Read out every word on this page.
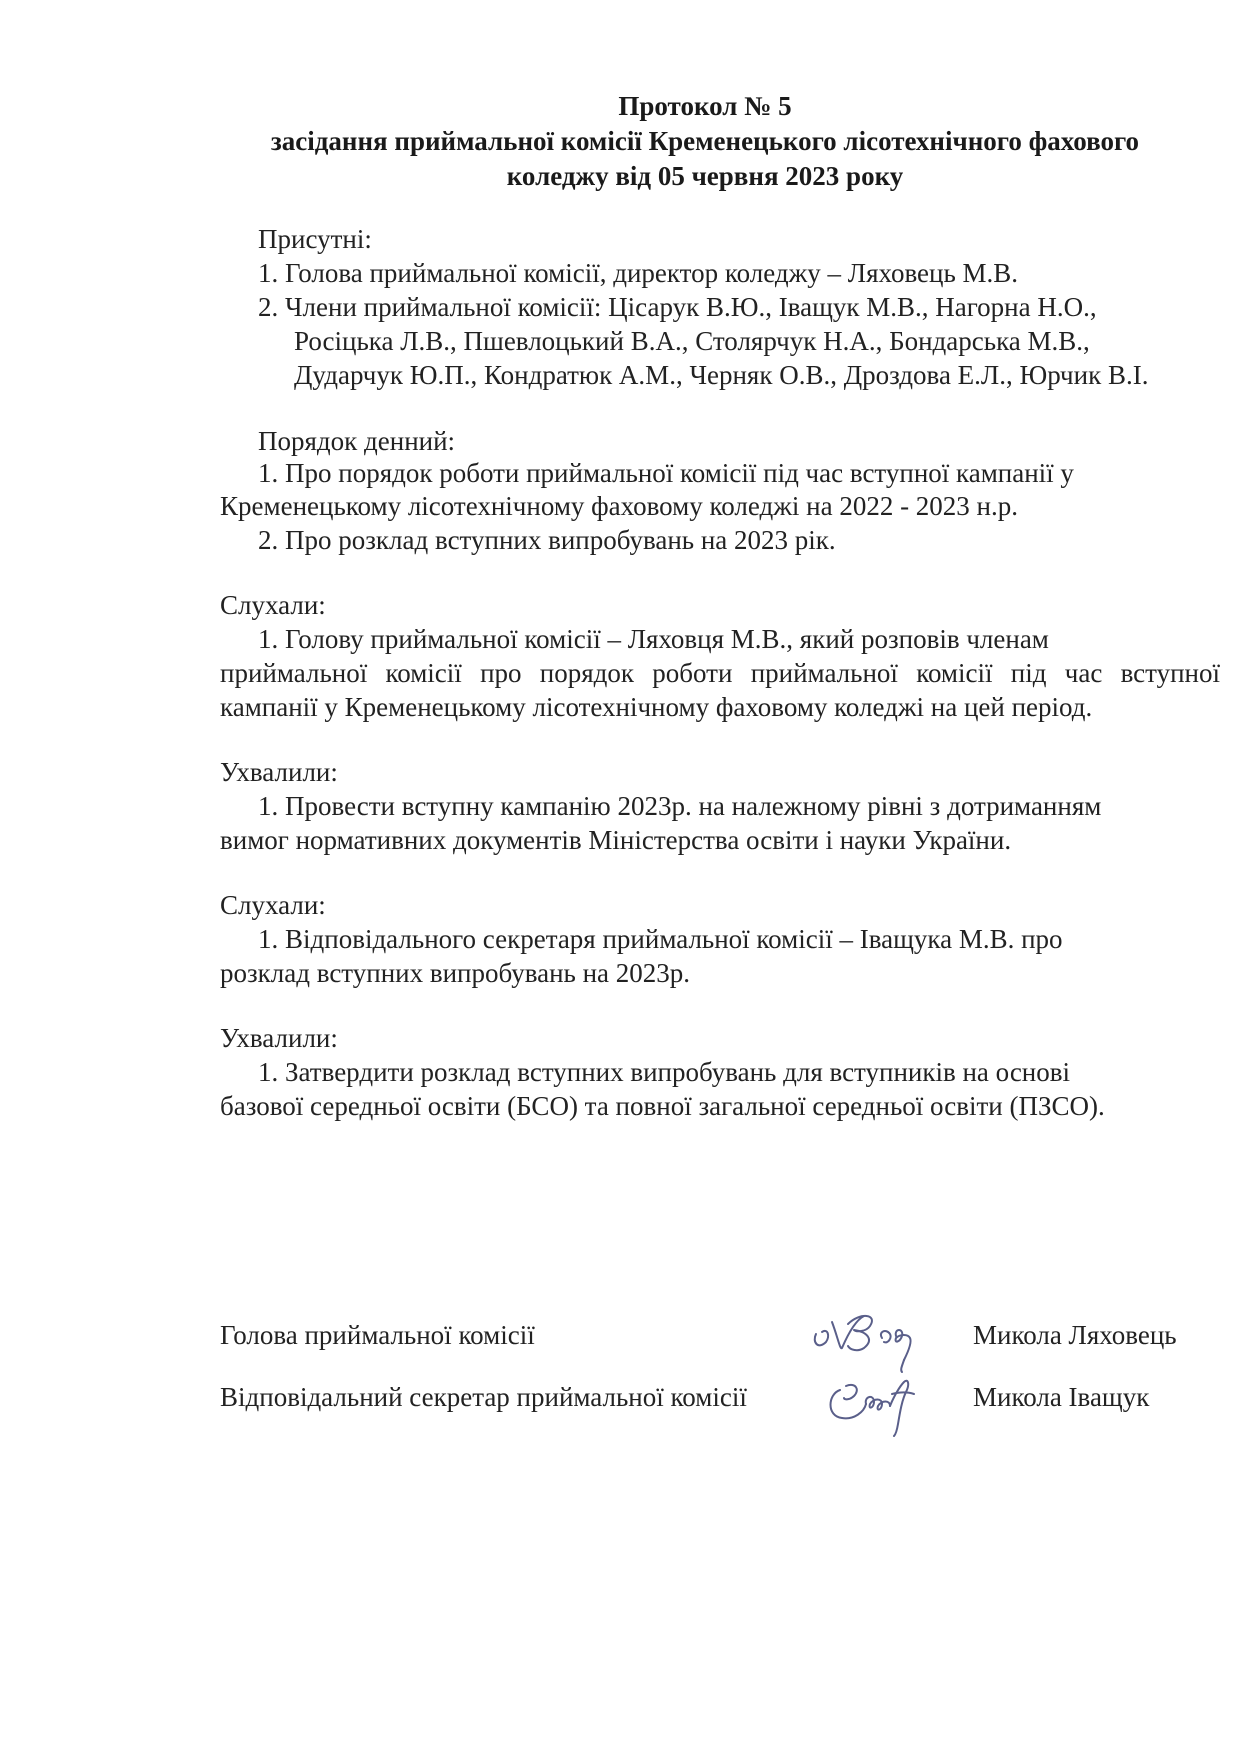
Протокол № 5
засідання приймальної комісії Кременецького лісотехнічного фахового
коледжу від 05 червня 2023 року
Присутні:
1. Голова приймальної комісії, директор коледжу – Ляховець М.В.
2. Члени приймальної комісії: Цісарук В.Ю., Іващук М.В., Нагорна Н.О.,
Росіцька Л.В., Пшевлоцький В.А., Столярчук Н.А., Бондарська М.В.,
Дударчук Ю.П., Кондратюк А.М., Черняк О.В., Дроздова Е.Л., Юрчик В.І.
Порядок денний:
1. Про порядок роботи приймальної комісії під час вступної кампанії у
Кременецькому лісотехнічному фаховому коледжі на 2022 - 2023 н.р.
2. Про розклад вступних випробувань на 2023 рік.
Слухали:
1. Голову приймальної комісії – Ляховця М.В., який розповів членам
приймальної комісії про порядок роботи приймальної комісії під час вступної
кампанії у Кременецькому лісотехнічному фаховому коледжі на цей період.
Ухвалили:
1. Провести вступну кампанію 2023р. на належному рівні з дотриманням
вимог нормативних документів Міністерства освіти і науки України.
Слухали:
1. Відповідального секретаря приймальної комісії – Іващука М.В. про
розклад вступних випробувань на 2023р.
Ухвалили:
1. Затвердити розклад вступних випробувань для вступників на основі
базової середньої освіти (БСО) та повної загальної середньої освіти (ПЗСО).
Голова приймальної комісії	Микола Ляховець
Відповідальний секретар приймальної комісії	Микола Іващук
